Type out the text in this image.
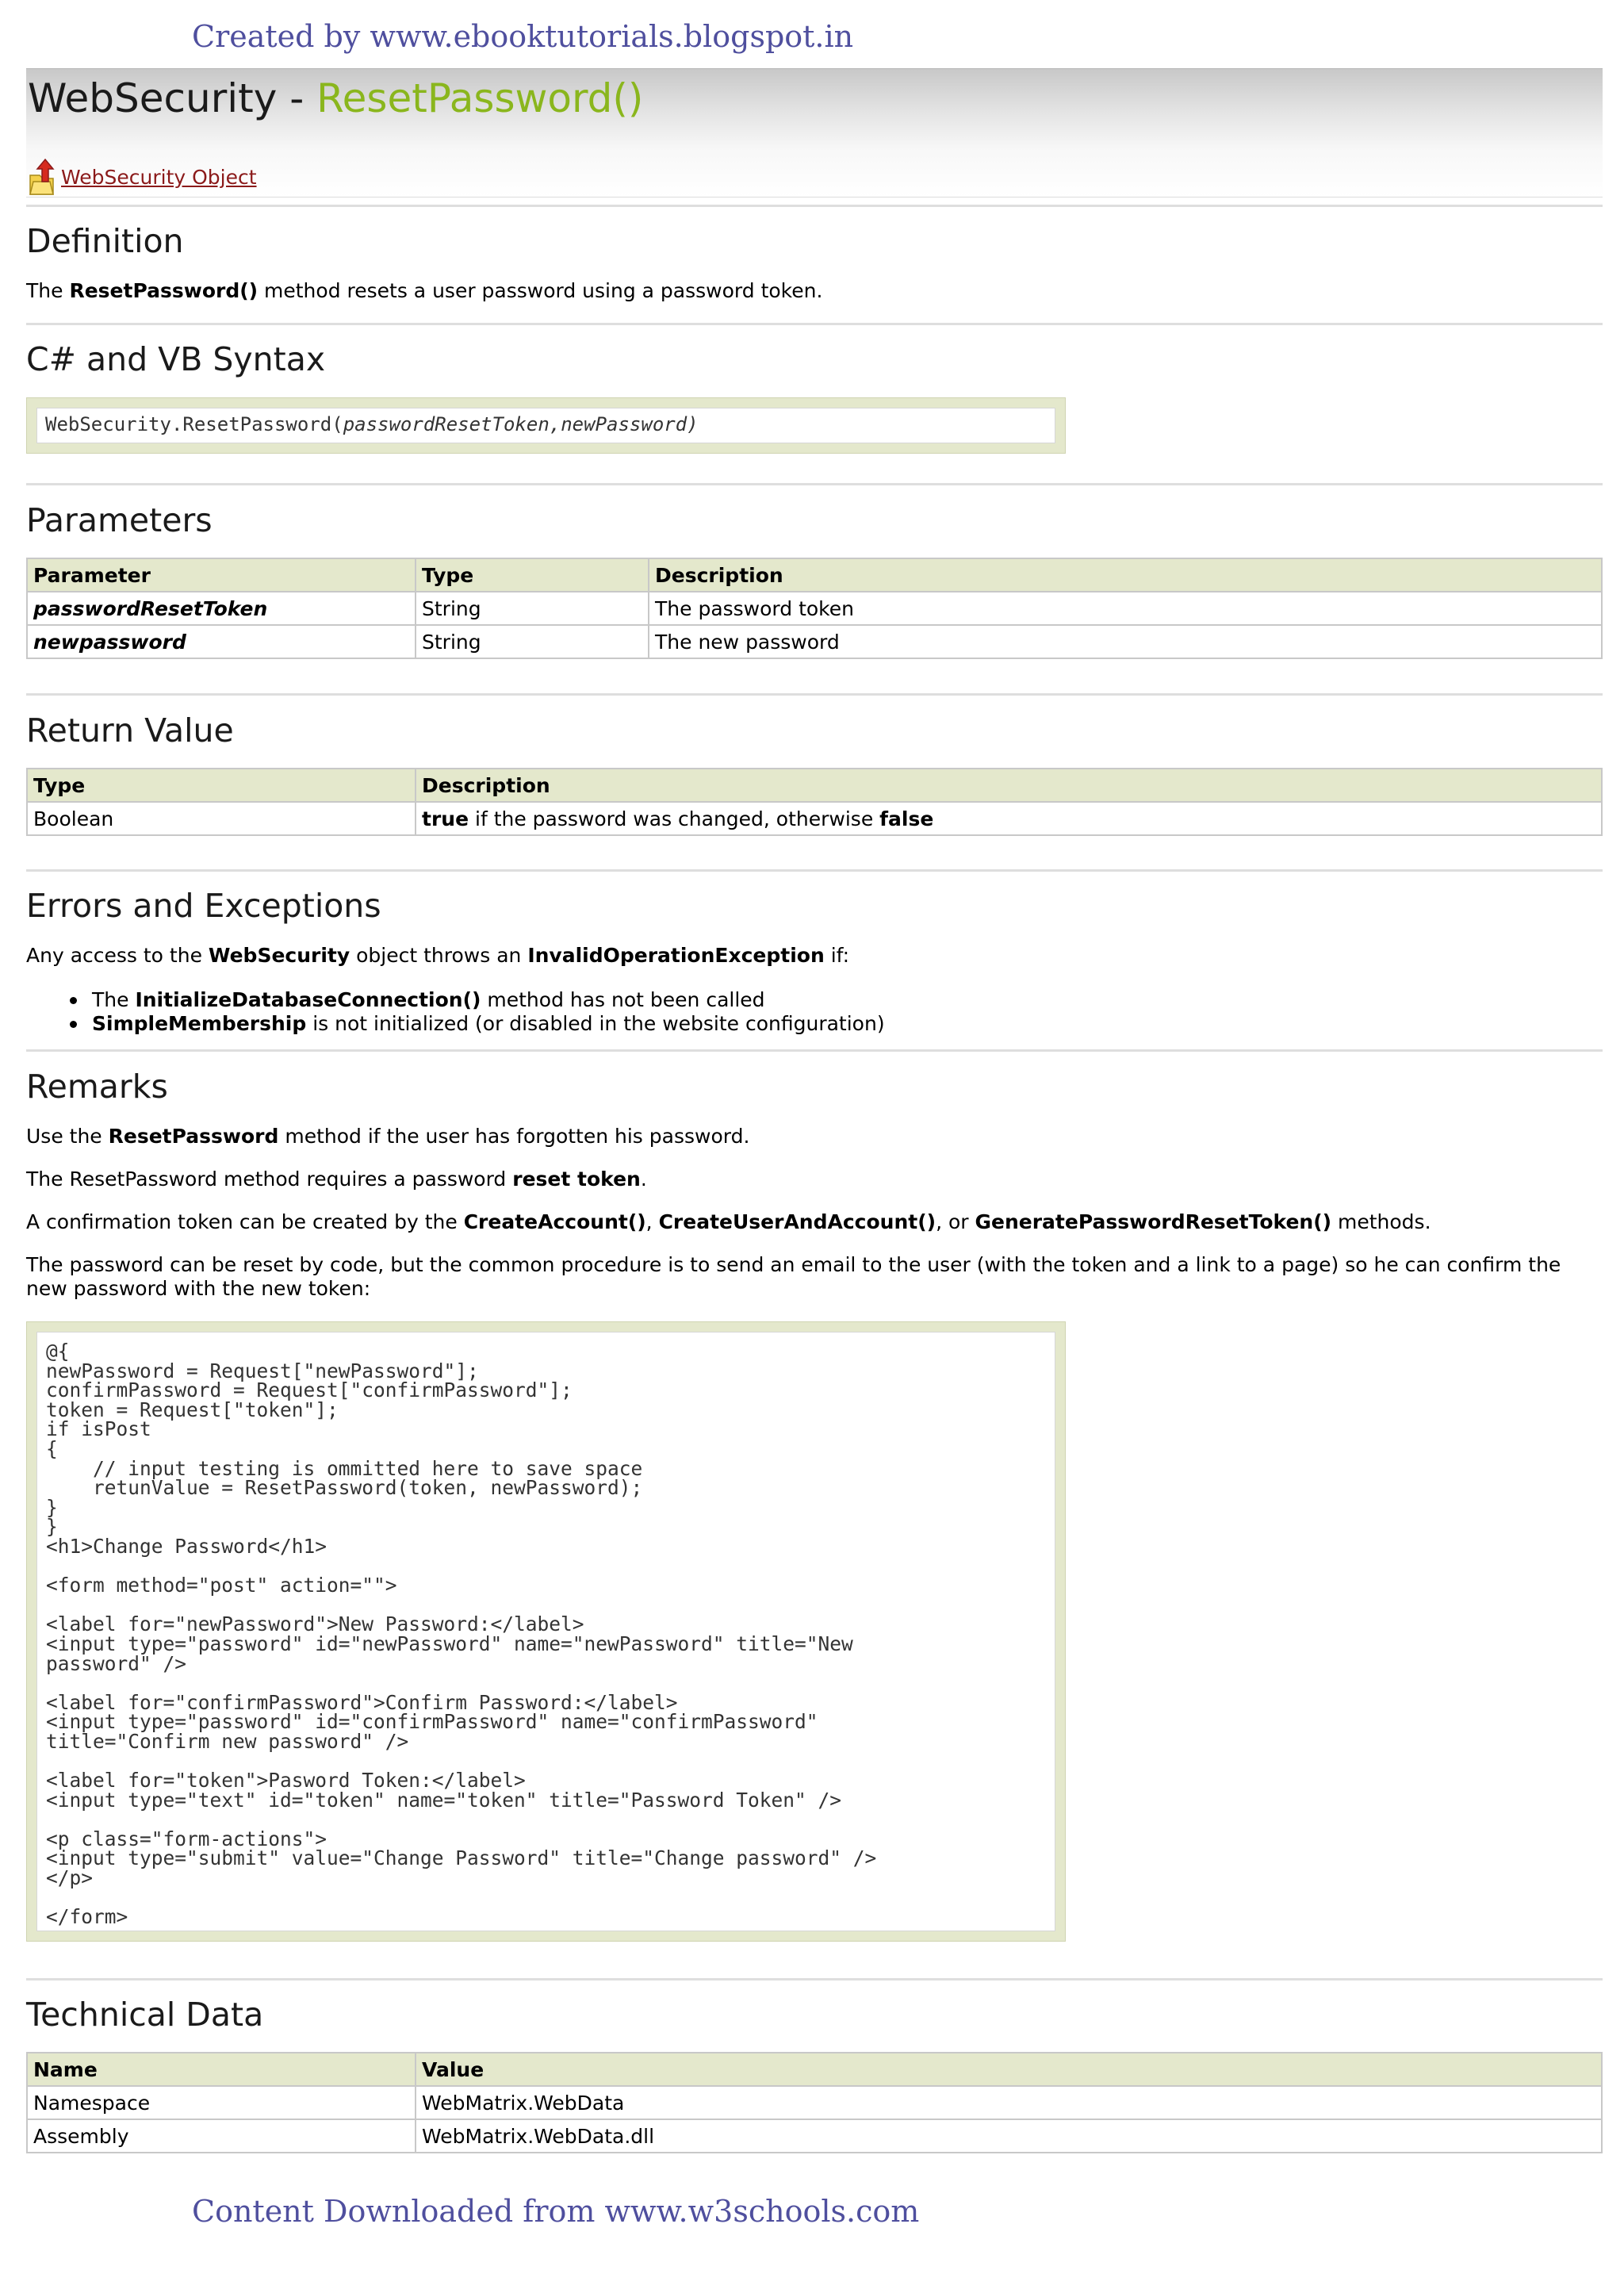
Created by www.ebooktutorials.blogspot.in
WebSecurity - ResetPassword()
WebSecurity Object
Definition

The ResetPassword() method resets a user password using a password token.

C# and VB Syntax
WebSecurity.ResetPassword(passwordResetToken,newPassword)
Parameters
Parameter	Type	Description
passwordResetToken	String	The password token
newpassword	String	The new password
Return Value
Type	Description
Boolean	true if the password was changed, otherwise false
Errors and Exceptions

Any access to the WebSecurity object throws an InvalidOperationException if:

The InitializeDatabaseConnection() method has not been called
SimpleMembership is not initialized (or disabled in the website configuration)
Remarks

Use the ResetPassword method if the user has forgotten his password.

The ResetPassword method requires a password reset token.

A confirmation token can be created by the CreateAccount(), CreateUserAndAccount(), or GeneratePasswordResetToken() methods.

The password can be reset by code, but the common procedure is to send an email to the user (with the token and a link to a page) so he can confirm the new password with the new token:

@{
newPassword = Request["newPassword"];
confirmPassword = Request["confirmPassword"];
token = Request["token"];
if isPost
{
// input testing is ommitted here to save space
retunValue = ResetPassword(token, newPassword);
}
}
<h1>Change Password</h1>

<form method="post" action="">

<label for="newPassword">New Password:</label>
<input type="password" id="newPassword" name="newPassword" title="New
password" />

<label for="confirmPassword">Confirm Password:</label>
<input type="password" id="confirmPassword" name="confirmPassword"
title="Confirm new password" />

<label for="token">Pasword Token:</label>
<input type="text" id="token" name="token" title="Password Token" />

<p class="form-actions">
<input type="submit" value="Change Password" title="Change password" />
</p>

</form>
Technical Data
Name	Value
Namespace	WebMatrix.WebData
Assembly	WebMatrix.WebData.dll
Content Downloaded from www.w3schools.com
